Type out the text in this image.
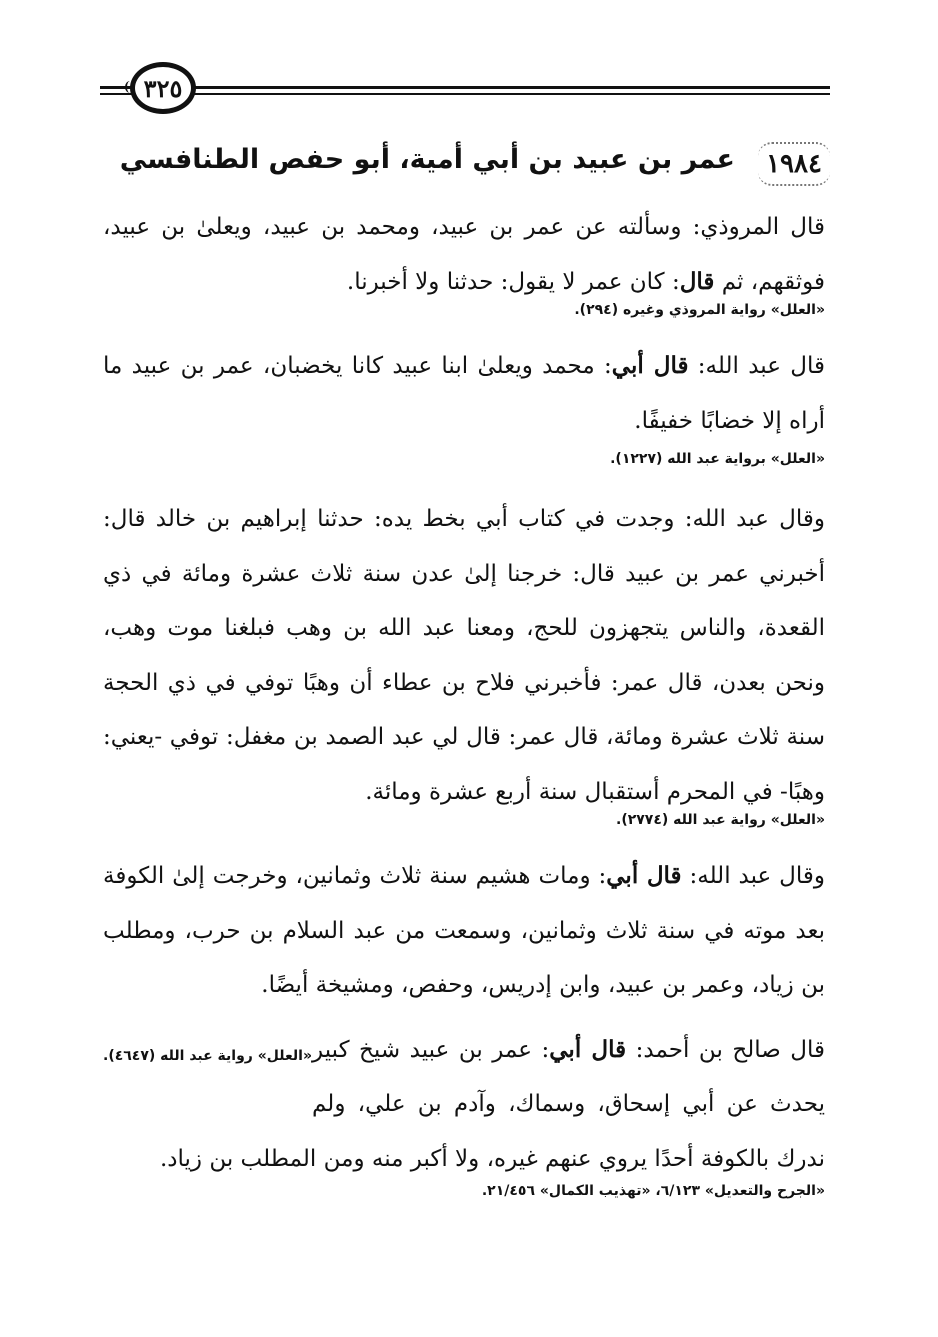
٣٢٥
١٩٨٤
عمر بن عبيد بن أبي أمية، أبو حفص الطنافسي

قال المروذي: وسألته عن عمر بن عبيد، ومحمد بن عبيد، ويعلىٰ بن عبيد، فوثقهم، ثم قال: كان عمر لا يقول: حدثنا ولا أخبرنا.

«العلل» رواية المروذي وغيره (٢٩٤).

قال عبد الله: قال أبي: محمد ويعلىٰ ابنا عبيد كانا يخضبان، عمر بن عبيد ما أراه إلا خضابًا خفيفًا.

«العلل» برواية عبد الله (١٢٢٧).

وقال عبد الله: وجدت في كتاب أبي بخط يده: حدثنا إبراهيم بن خالد قال: أخبرني عمر بن عبيد قال: خرجنا إلىٰ عدن سنة ثلاث عشرة ومائة في ذي القعدة، والناس يتجهزون للحج، ومعنا عبد الله بن وهب فبلغنا موت وهب، ونحن بعدن، قال عمر: فأخبرني فلاح بن عطاء أن وهبًا توفي في ذي الحجة سنة ثلاث عشرة ومائة، قال عمر: قال لي عبد الصمد بن مغفل: توفي -يعني: وهبًا- في المحرم أستقبال سنة أربع عشرة ومائة.

«العلل» رواية عبد الله (٢٧٧٤).

وقال عبد الله: قال أبي: ومات هشيم سنة ثلاث وثمانين، وخرجت إلىٰ الكوفة بعد موته في سنة ثلاث وثمانين، وسمعت من عبد السلام بن حرب، ومطلب بن زياد، وعمر بن عبيد، وابن إدريس، وحفص، ومشيخة أيضًا.
«العلل» رواية عبد الله (٤٦٤٧).	قال صالح بن أحمد: قال أبي: عمر بن عبيد شيخ كبير يحدث عن أبي إسحاق، وسماك، وآدم بن علي، ولم ندرك بالكوفة أحدًا يروي عنهم غيره، ولا أكبر منه ومن المطلب بن زياد.

«الجرح والتعديل» ٦/١٢٣، «تهذيب الكمال» ٢١/٤٥٦.
